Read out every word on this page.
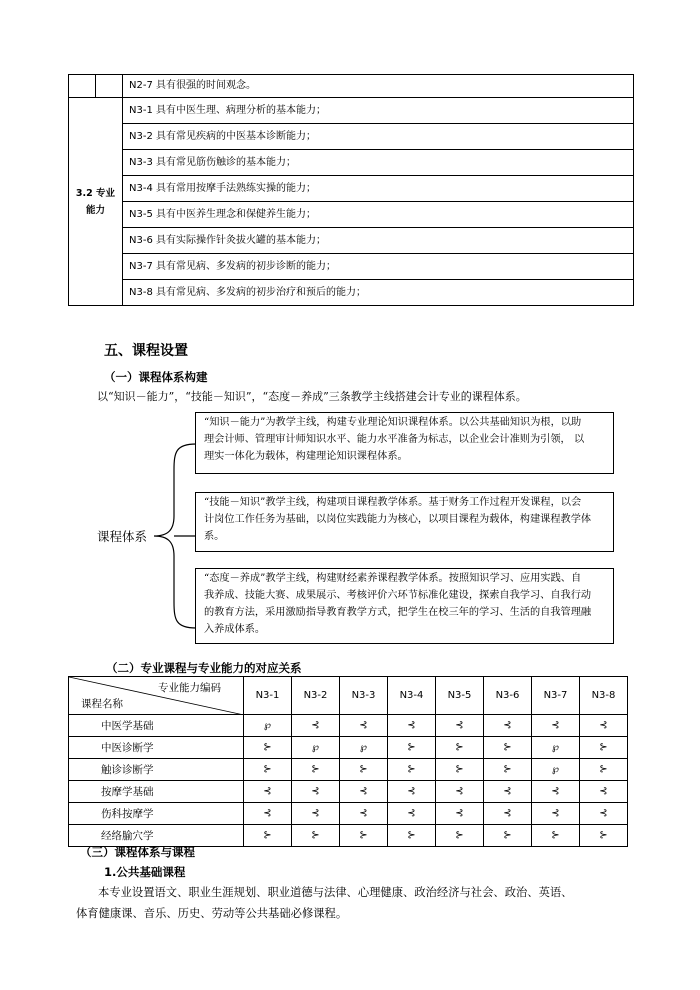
		N2-7 具有很强的时间观念。
3.2 专业能力		N3-1 具有中医生理、病理分析的基本能力；
		N3-2 具有常见疾病的中医基本诊断能力；
		N3-3 具有常见筋伤触诊的基本能力；
		N3-4 具有常用按摩手法熟练实操的能力；
		N3-5 具有中医养生理念和保健养生能力；
		N3-6 具有实际操作针灸拔火罐的基本能力；
		N3-7 具有常见病、多发病的初步诊断的能力；
		N3-8 具有常见病、多发病的初步治疗和预后的能力；
五、课程设置
（一）课程体系构建
以“知识－能力”，“技能－知识”，“态度－养成”三条教学主线搭建会计专业的课程体系。
课程体系
“知识－能力”为教学主线，构建专业理论知识课程体系。以公共基础知识为根，以助
理会计师、管理审计师知识水平、能力水平准备为标志，以企业会计准则为引领， 以
理实一体化为载体，构建理论知识课程体系。
“技能－知识”教学主线，构建项目课程教学体系。基于财务工作过程开发课程，以会
计岗位工作任务为基础，以岗位实践能力为核心，以项目课程为载体，构建课程教学体
系。
“态度－养成”教学主线，构建财经素养课程教学体系。按照知识学习、应用实践、自
我养成、技能大赛、成果展示、考核评价六环节标准化建设，探索自我学习、自我行动
的教育方法，采用激励指导教育教学方式，把学生在校三年的学习、生活的自我管理融
入养成体系。
（二）专业课程与专业能力的对应关系
专业能力编码
课程名称	N3-1	N3-2	N3-3	N3-4	N3-5	N3-6	N3-7	N3-8
中医学基础	℘	⊰	⊰	⊰	⊰	⊰	⊰	⊰
中医诊断学	⊱	℘	℘	⊱	⊱	⊱	℘	⊱
触诊诊断学	⊱	⊱	⊱	⊱	⊱	⊱	℘	⊱
按摩学基础	⊰	⊰	⊰	⊰	⊰	⊰	⊰	⊰
伤科按摩学	⊰	⊰	⊰	⊰	⊰	⊰	⊰	⊰
经络腧穴学	⊱	⊱	⊱	⊱	⊱	⊱	⊱	⊱
（三）课程体系与课程
1.公共基础课程
本专业设置语文、职业生涯规划、职业道德与法律、心理健康、政治经济与社会、政治、英语、
体育健康课、音乐、历史、劳动等公共基础必修课程。
